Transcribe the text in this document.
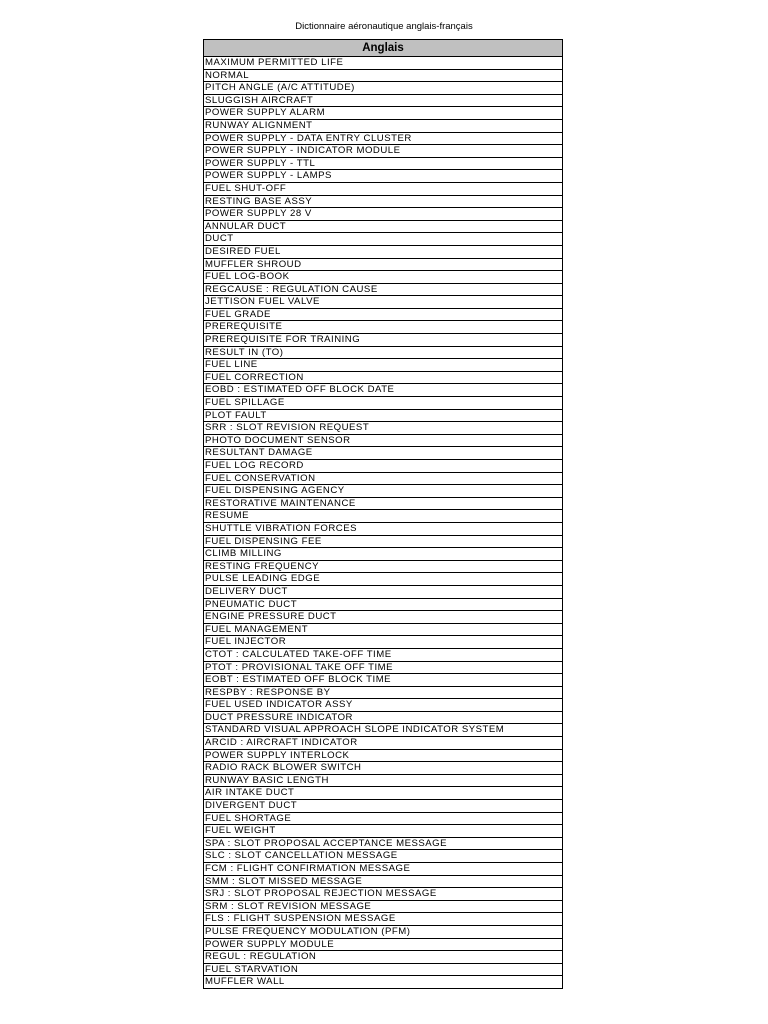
Dictionnaire aéronautique anglais-français
Anglais
MAXIMUM PERMITTED LIFE
NORMAL
PITCH ANGLE (A/C ATTITUDE)
SLUGGISH AIRCRAFT
POWER SUPPLY ALARM
RUNWAY ALIGNMENT
POWER SUPPLY - DATA ENTRY CLUSTER
POWER SUPPLY - INDICATOR MODULE
POWER SUPPLY - TTL
POWER SUPPLY - LAMPS
FUEL SHUT-OFF
RESTING BASE ASSY
POWER SUPPLY 28 V
ANNULAR DUCT
DUCT
DESIRED FUEL
MUFFLER SHROUD
FUEL LOG-BOOK
REGCAUSE : REGULATION CAUSE
JETTISON FUEL VALVE
FUEL GRADE
PREREQUISITE
PREREQUISITE FOR TRAINING
RESULT IN (TO)
FUEL LINE
FUEL CORRECTION
EOBD : ESTIMATED OFF BLOCK DATE
FUEL SPILLAGE
PLOT FAULT
SRR : SLOT REVISION REQUEST
PHOTO DOCUMENT SENSOR
RESULTANT DAMAGE
FUEL LOG RECORD
FUEL CONSERVATION
FUEL DISPENSING AGENCY
RESTORATIVE MAINTENANCE
RESUME
SHUTTLE VIBRATION FORCES
FUEL DISPENSING FEE
CLIMB MILLING
RESTING FREQUENCY
PULSE LEADING EDGE
DELIVERY DUCT
PNEUMATIC DUCT
ENGINE PRESSURE DUCT
FUEL MANAGEMENT
FUEL INJECTOR
CTOT : CALCULATED TAKE-OFF TIME
PTOT : PROVISIONAL TAKE OFF TIME
EOBT : ESTIMATED OFF BLOCK TIME
RESPBY : RESPONSE BY
FUEL USED INDICATOR ASSY
DUCT PRESSURE INDICATOR
STANDARD VISUAL APPROACH SLOPE INDICATOR SYSTEM
ARCID : AIRCRAFT INDICATOR
POWER SUPPLY INTERLOCK
RADIO RACK BLOWER SWITCH
RUNWAY BASIC LENGTH
AIR INTAKE DUCT
DIVERGENT DUCT
FUEL SHORTAGE
FUEL WEIGHT
SPA : SLOT PROPOSAL ACCEPTANCE MESSAGE
SLC : SLOT CANCELLATION MESSAGE
FCM : FLIGHT CONFIRMATION MESSAGE
SMM : SLOT MISSED MESSAGE
SRJ : SLOT PROPOSAL REJECTION MESSAGE
SRM : SLOT REVISION MESSAGE
FLS : FLIGHT SUSPENSION MESSAGE
PULSE FREQUENCY MODULATION (PFM)
POWER SUPPLY MODULE
REGUL : REGULATION
FUEL STARVATION
MUFFLER WALL
